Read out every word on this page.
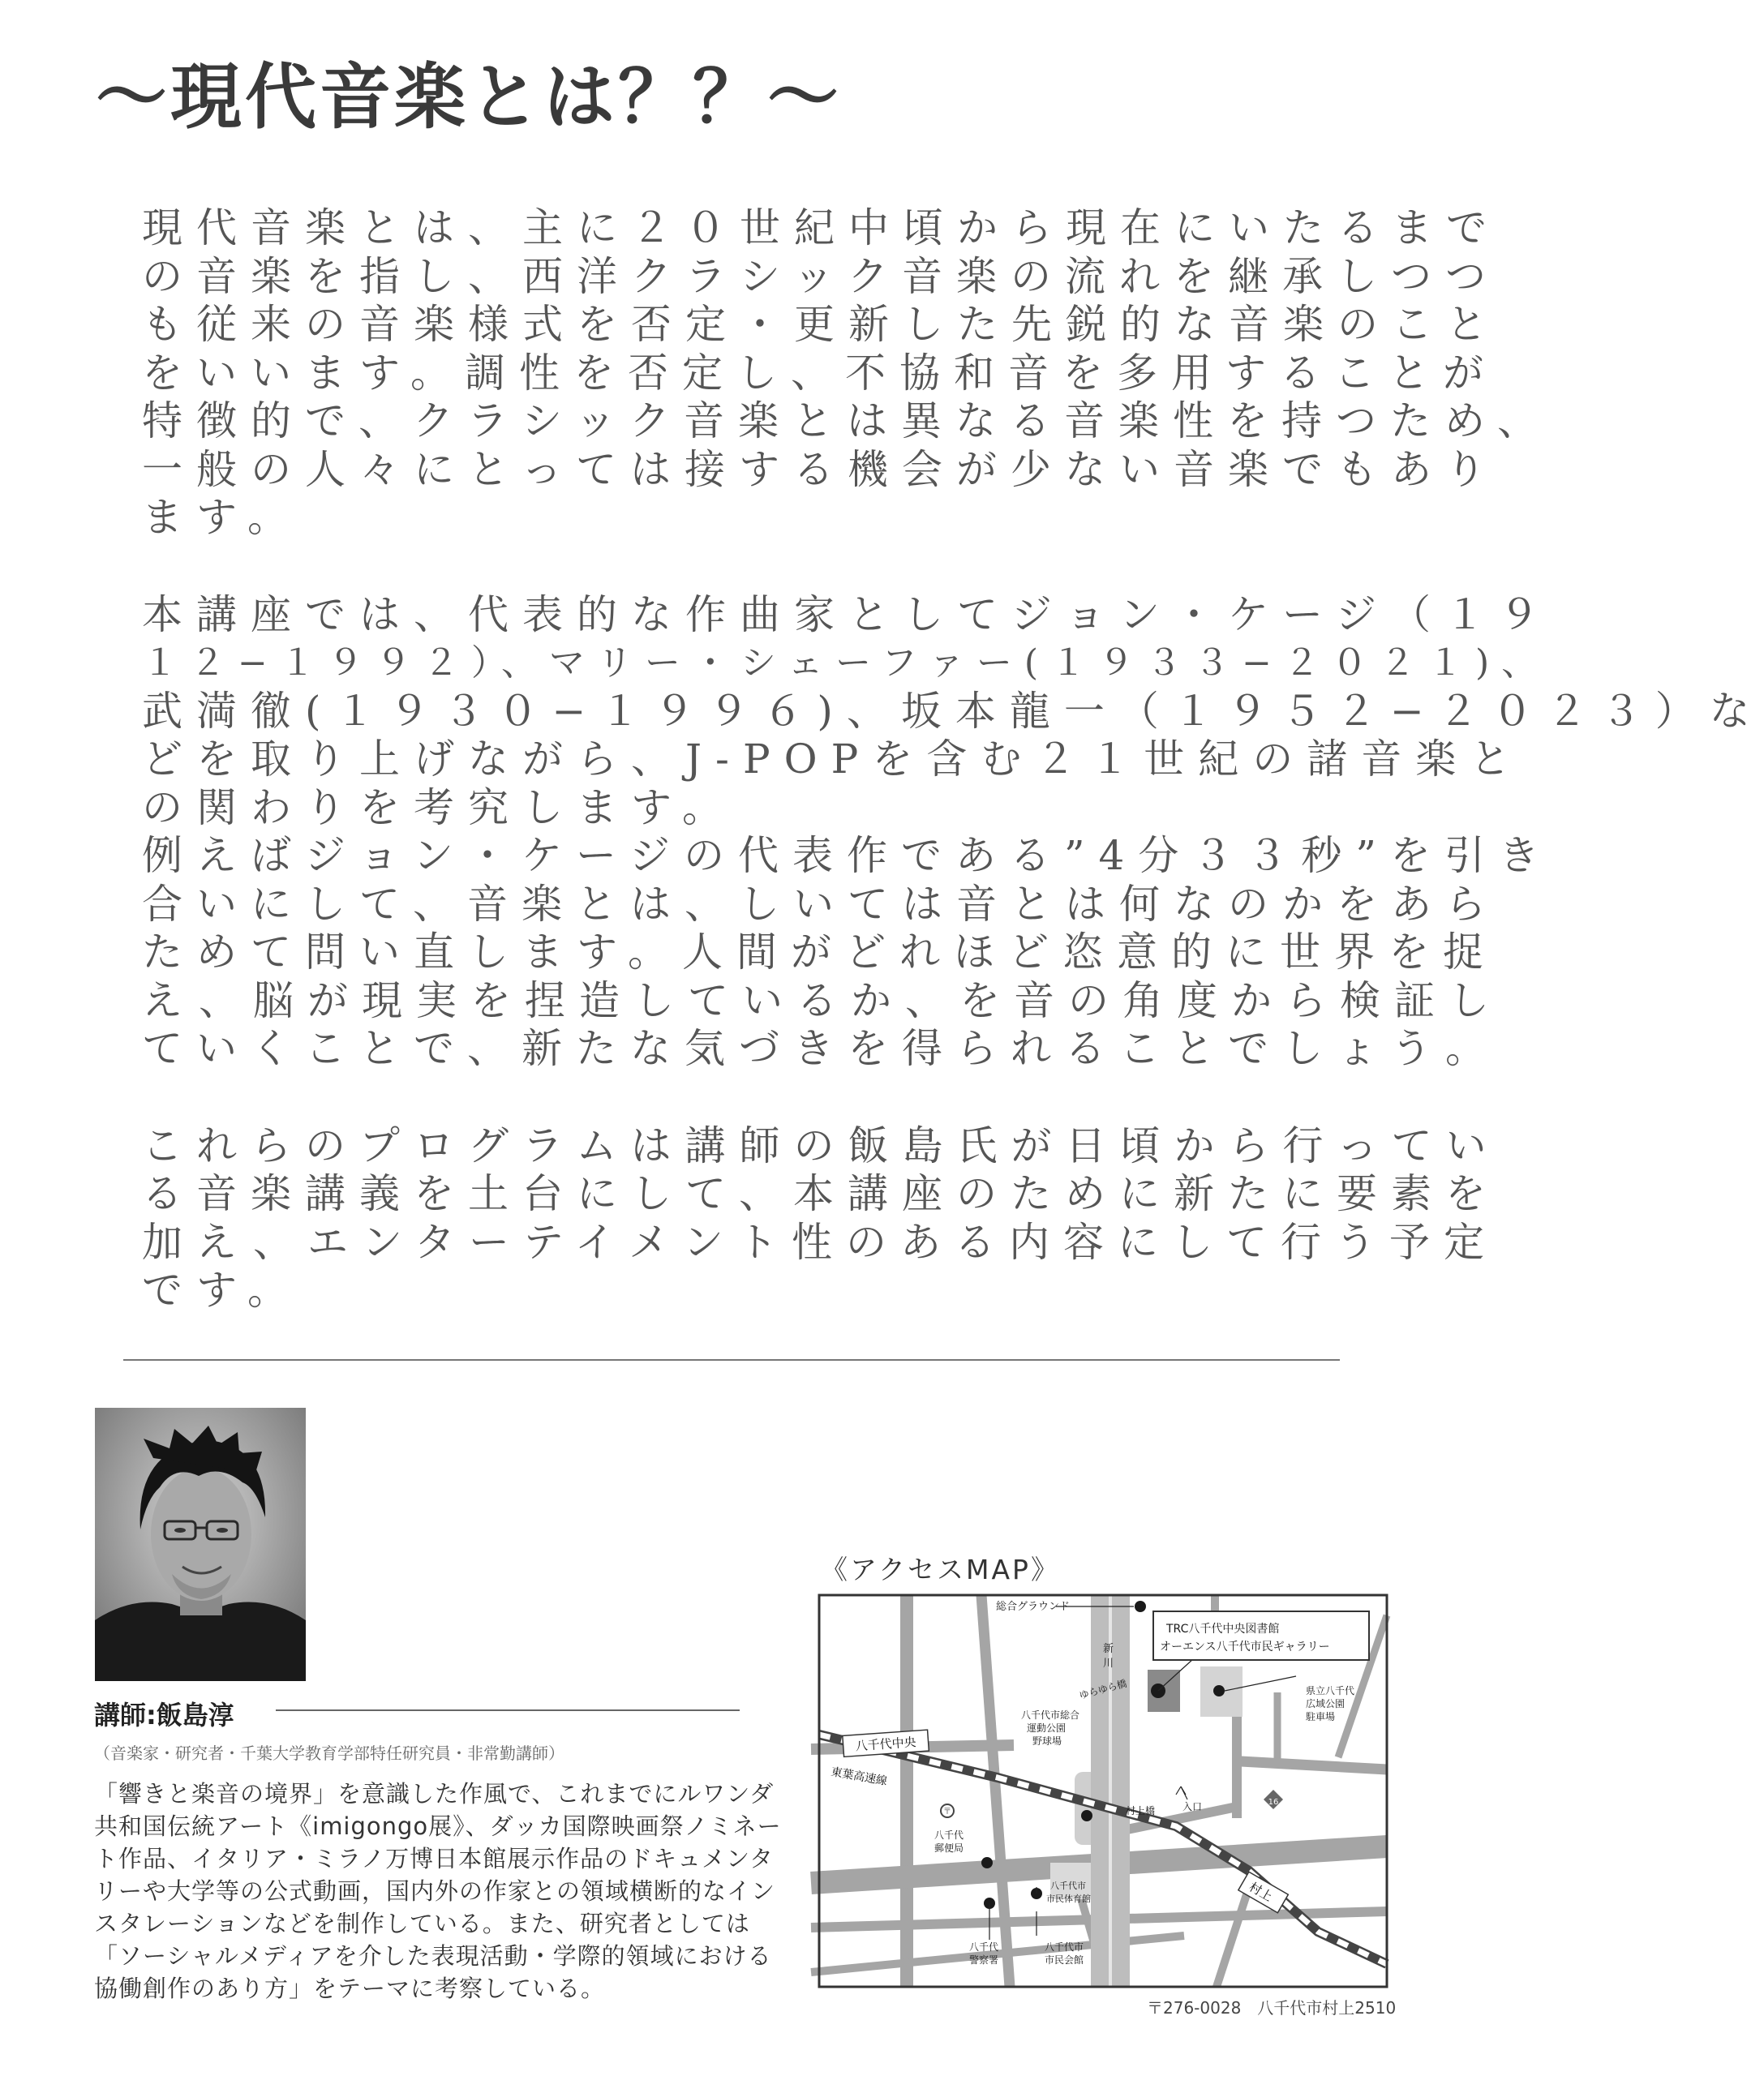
～現代音楽とは？？～
現代音楽とは、主に２０世紀中頃から現在にいたるまで
の音楽を指し、西洋クラシック音楽の流れを継承しつつ
も従来の音楽様式を否定・更新した先鋭的な音楽のこと
をいいます。調性を否定し、不協和音を多用することが
特徴的で、クラシック音楽とは異なる音楽性を持つため、
一般の人々にとっては接する機会が少ない音楽でもあり
ます。
本講座では、代表的な作曲家としてジョン・ケージ（１９
１２−１９９２）、マリー・シェーファー(１９３３−２０２１)、
武満徹(１９３０−１９９６)、坂本龍一（１９５２−２０２３）な
どを取り上げながら、J-POPを含む２１世紀の諸音楽と
の関わりを考究します。
例えばジョン・ケージの代表作である”4分３３秒”を引き
合いにして、音楽とは、しいては音とは何なのかをあら
ためて問い直します。人間がどれほど恣意的に世界を捉
え、脳が現実を捏造しているか、を音の角度から検証し
ていくことで、新たな気づきを得られることでしょう。
これらのプログラムは講師の飯島氏が日頃から行ってい
る音楽講義を土台にして、本講座のために新たに要素を
加え、エンターテイメント性のある内容にして行う予定
です。
講師:飯島淳
（音楽家・研究者・千葉大学教育学部特任研究員・非常勤講師）
「響きと楽音の境界」を意識した作風で、これまでにルワンダ
共和国伝統アート《imigongo展》、ダッカ国際映画祭ノミネー
ト作品、イタリア・ミラノ万博日本館展示作品のドキュメンタ
リーや大学等の公式動画，国内外の作家との領域横断的なイン
スタレーションなどを制作している。また、研究者としては
「ソーシャルメディアを介した表現活動・学際的領域における
協働創作のあり方」をテーマに考察している。
《アクセスMAP》
〒
16
総合グラウンド
TRC八千代中央図書館
オーエンス八千代市民ギャラリー
新
川
ゆらゆら橋
八千代市総合
運動公園
野球場
県立八千代
広域公園
駐車場
村上橋	入口
八千代
郵便局
八千代市
市民体育館
八千代
警察署
八千代市
市民会館
八千代中央
東葉高速線
村上
〒276-0028 八千代市村上2510
